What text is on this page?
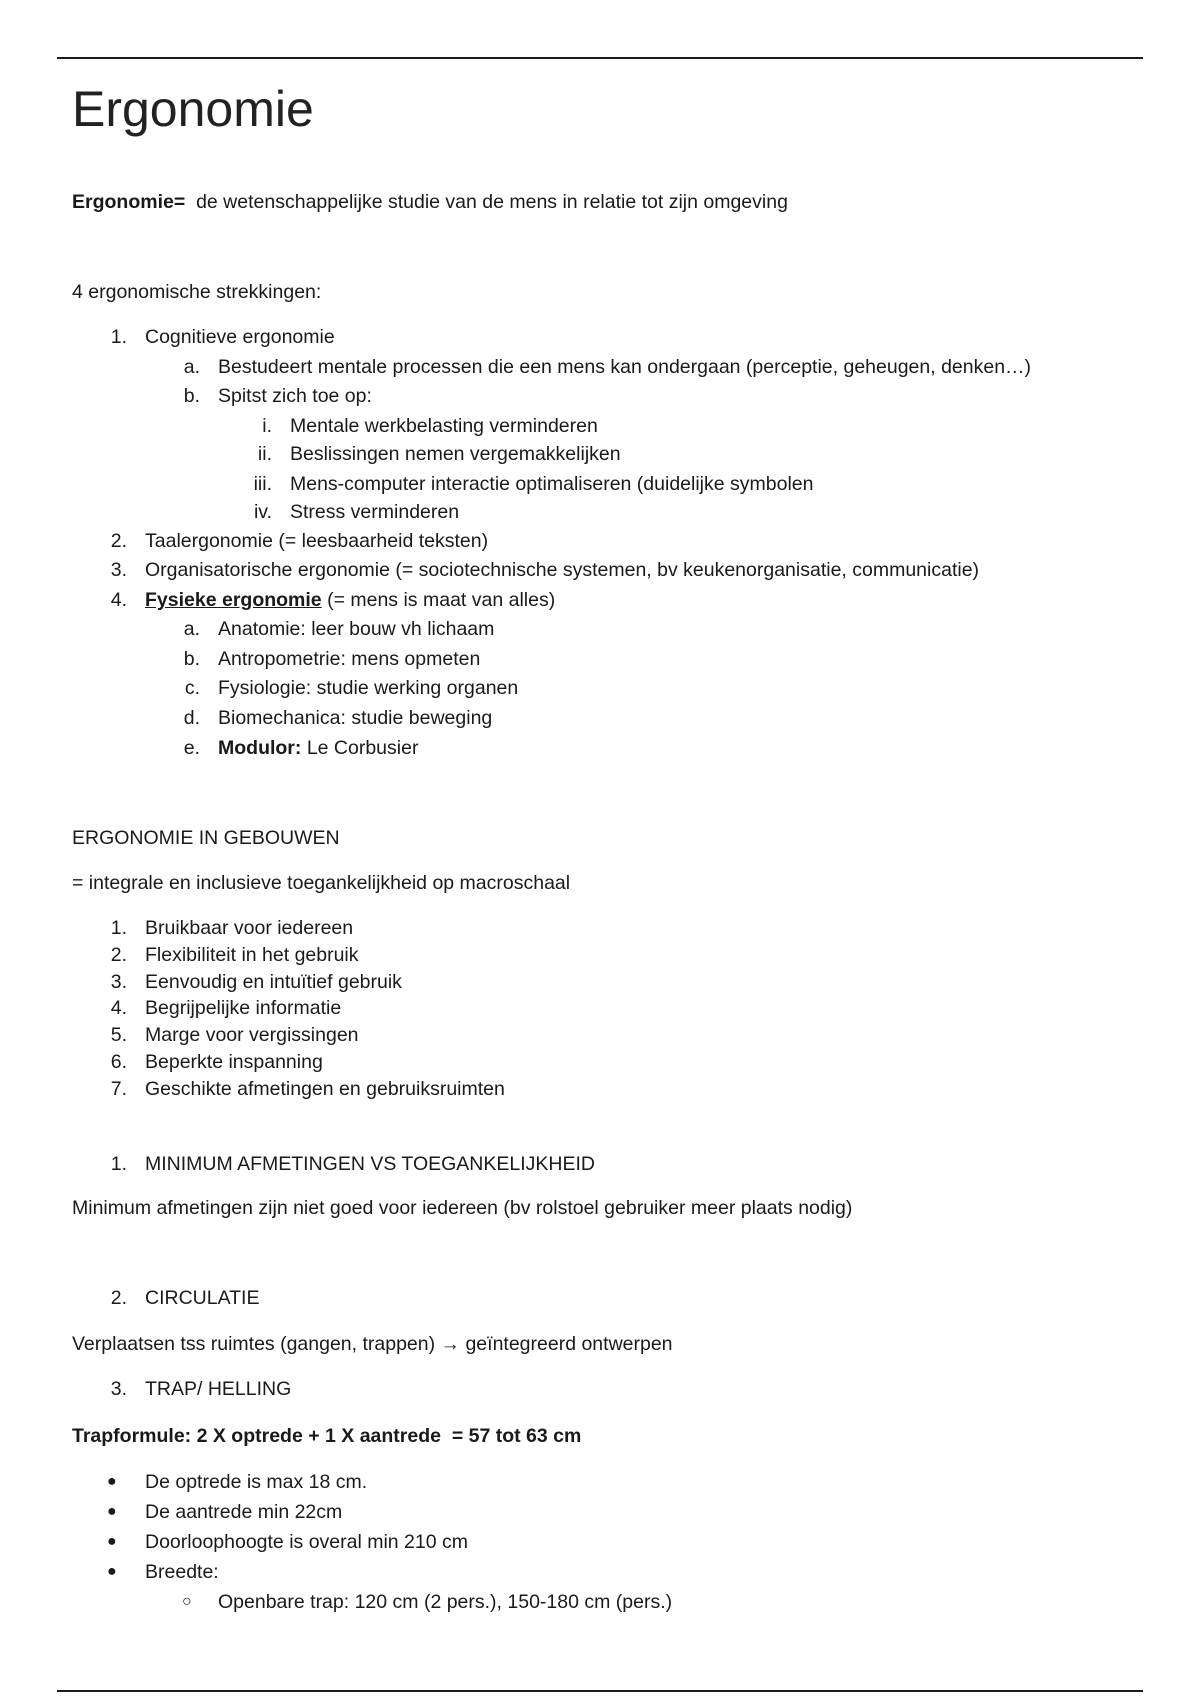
Ergonomie
Ergonomie= de wetenschappelijke studie van de mens in relatie tot zijn omgeving
4 ergonomische strekkingen:
1. Cognitieve ergonomie
a. Bestudeert mentale processen die een mens kan ondergaan (perceptie, geheugen, denken…)
b. Spitst zich toe op:
i. Mentale werkbelasting verminderen
ii. Beslissingen nemen vergemakkelijken
iii. Mens-computer interactie optimaliseren (duidelijke symbolen
iv. Stress verminderen
2. Taalergonomie (= leesbaarheid teksten)
3. Organisatorische ergonomie (= sociotechnische systemen, bv keukenorganisatie, communicatie)
4. Fysieke ergonomie (= mens is maat van alles)
a. Anatomie: leer bouw vh lichaam
b. Antropometrie: mens opmeten
c. Fysiologie: studie werking organen
d. Biomechanica: studie beweging
e. Modulor: Le Corbusier
ERGONOMIE IN GEBOUWEN
= integrale en inclusieve toegankelijkheid op macroschaal
1. Bruikbaar voor iedereen
2. Flexibiliteit in het gebruik
3. Eenvoudig en intuïtief gebruik
4. Begrijpelijke informatie
5. Marge voor vergissingen
6. Beperkte inspanning
7. Geschikte afmetingen en gebruiksruimten
1. MINIMUM AFMETINGEN VS TOEGANKELIJKHEID
Minimum afmetingen zijn niet goed voor iedereen (bv rolstoel gebruiker meer plaats nodig)
2. CIRCULATIE
Verplaatsen tss ruimtes (gangen, trappen) → geïntegreerd ontwerpen
3. TRAP/ HELLING
Trapformule: 2 X optrede + 1 X aantrede  = 57 tot 63 cm
● De optrede is max 18 cm.
● De aantrede min 22cm
● Doorloophoogte is overal min 210 cm
● Breedte:
○ Openbare trap: 120 cm (2 pers.), 150-180 cm (pers.)
